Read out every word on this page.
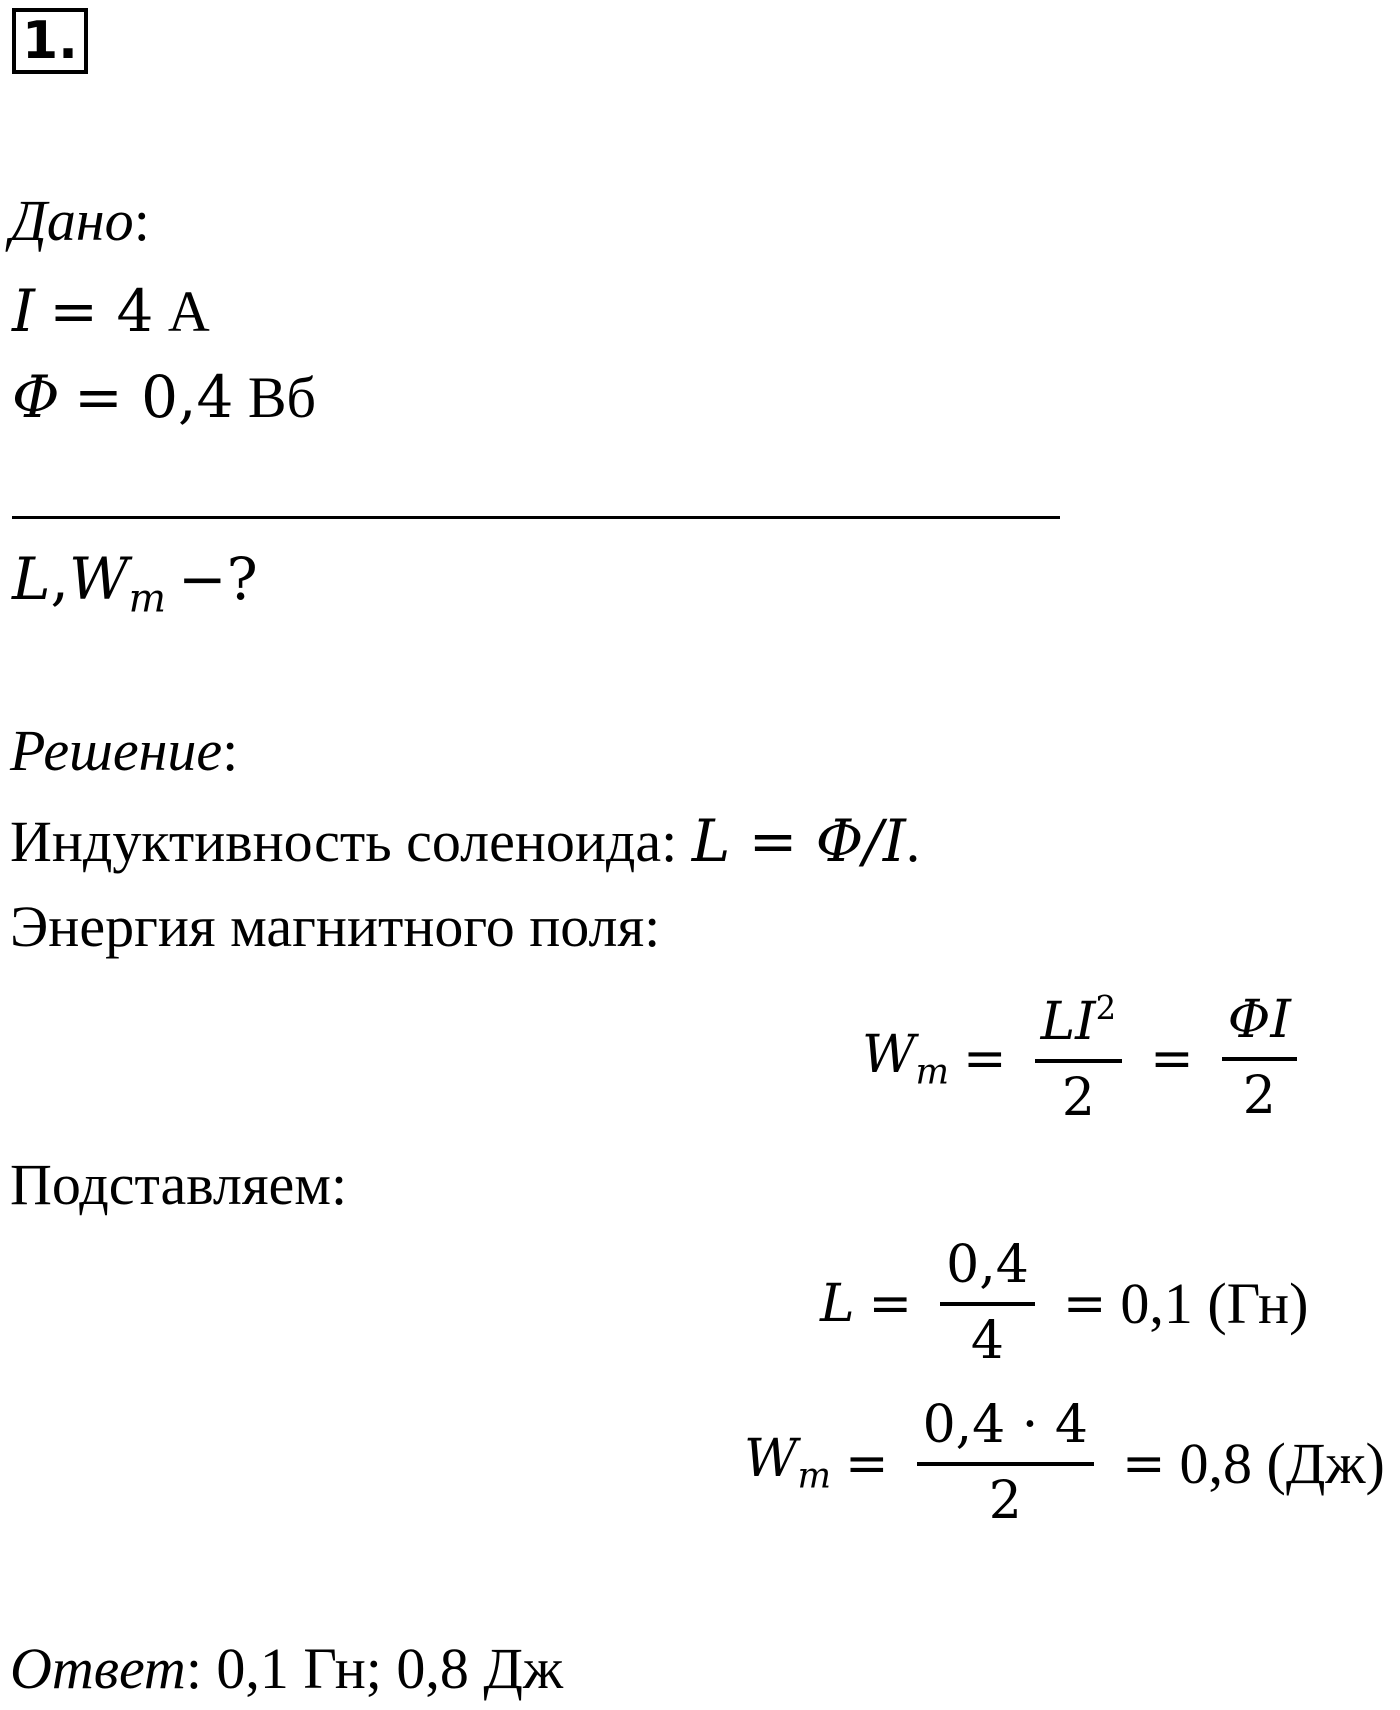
1.
Дано:
I = 4 А
Φ = 0,4 Вб
$L,W_m$ −?
Решение:
Индуктивность соленоида: L = Φ/I.
Энергия магнитного поля:
$W_m = \frac{LI^2}{2} = \frac{\Phi I}{2}$
Подставляем:
$L = \frac{0,4}{4} = 0,1$ (Гн)
$W_m = \frac{0,4 \cdot 4}{2} = 0,8$ (Дж)
Ответ: 0,1 Гн; 0,8 Дж
